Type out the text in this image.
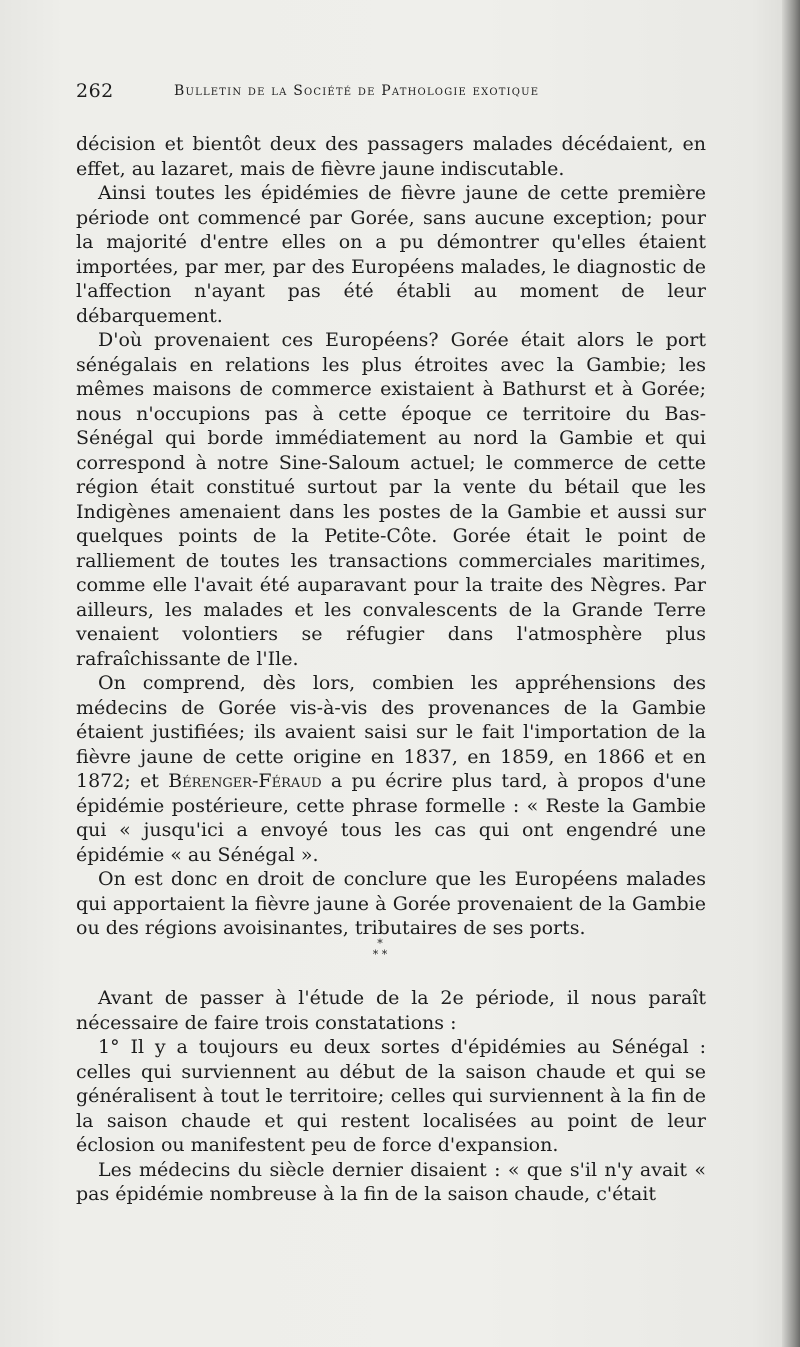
262	Bulletin de la Société de Pathologie exotique

décision et bientôt deux des passagers malades décédaient, en effet, au lazaret, mais de fièvre jaune indiscutable.

Ainsi toutes les épidémies de fièvre jaune de cette première période ont commencé par Gorée, sans aucune exception; pour la majorité d'entre elles on a pu démontrer qu'elles étaient importées, par mer, par des Européens malades, le diagnostic de l'affection n'ayant pas été établi au moment de leur débarquement.

D'où provenaient ces Européens? Gorée était alors le port sénégalais en relations les plus étroites avec la Gambie; les mêmes maisons de commerce existaient à Bathurst et à Gorée; nous n'occupions pas à cette époque ce territoire du Bas-Sénégal qui borde immédiatement au nord la Gambie et qui correspond à notre Sine-Saloum actuel; le commerce de cette région était constitué surtout par la vente du bétail que les Indigènes amenaient dans les postes de la Gambie et aussi sur quelques points de la Petite-Côte. Gorée était le point de ralliement de toutes les transactions commerciales maritimes, comme elle l'avait été auparavant pour la traite des Nègres. Par ailleurs, les malades et les convalescents de la Grande Terre venaient volontiers se réfugier dans l'atmosphère plus rafraîchissante de l'Ile.

On comprend, dès lors, combien les appréhensions des médecins de Gorée vis-à-vis des provenances de la Gambie étaient justifiées; ils avaient saisi sur le fait l'importation de la fièvre jaune de cette origine en 1837, en 1859, en 1866 et en 1872; et Bérenger-Féraud a pu écrire plus tard, à propos d'une épidémie postérieure, cette phrase formelle : « Reste la Gambie qui « jusqu'ici a envoyé tous les cas qui ont engendré une épidémie « au Sénégal ».

On est donc en droit de conclure que les Européens malades qui apportaient la fièvre jaune à Gorée provenaient de la Gambie ou des régions avoisinantes, tributaires de ses ports.

*
* *

Avant de passer à l'étude de la 2e période, il nous paraît nécessaire de faire trois constatations :

1° Il y a toujours eu deux sortes d'épidémies au Sénégal : celles qui surviennent au début de la saison chaude et qui se généralisent à tout le territoire; celles qui surviennent à la fin de la saison chaude et qui restent localisées au point de leur éclosion ou manifestent peu de force d'expansion.

Les médecins du siècle dernier disaient : « que s'il n'y avait « pas épidémie nombreuse à la fin de la saison chaude, c'était
